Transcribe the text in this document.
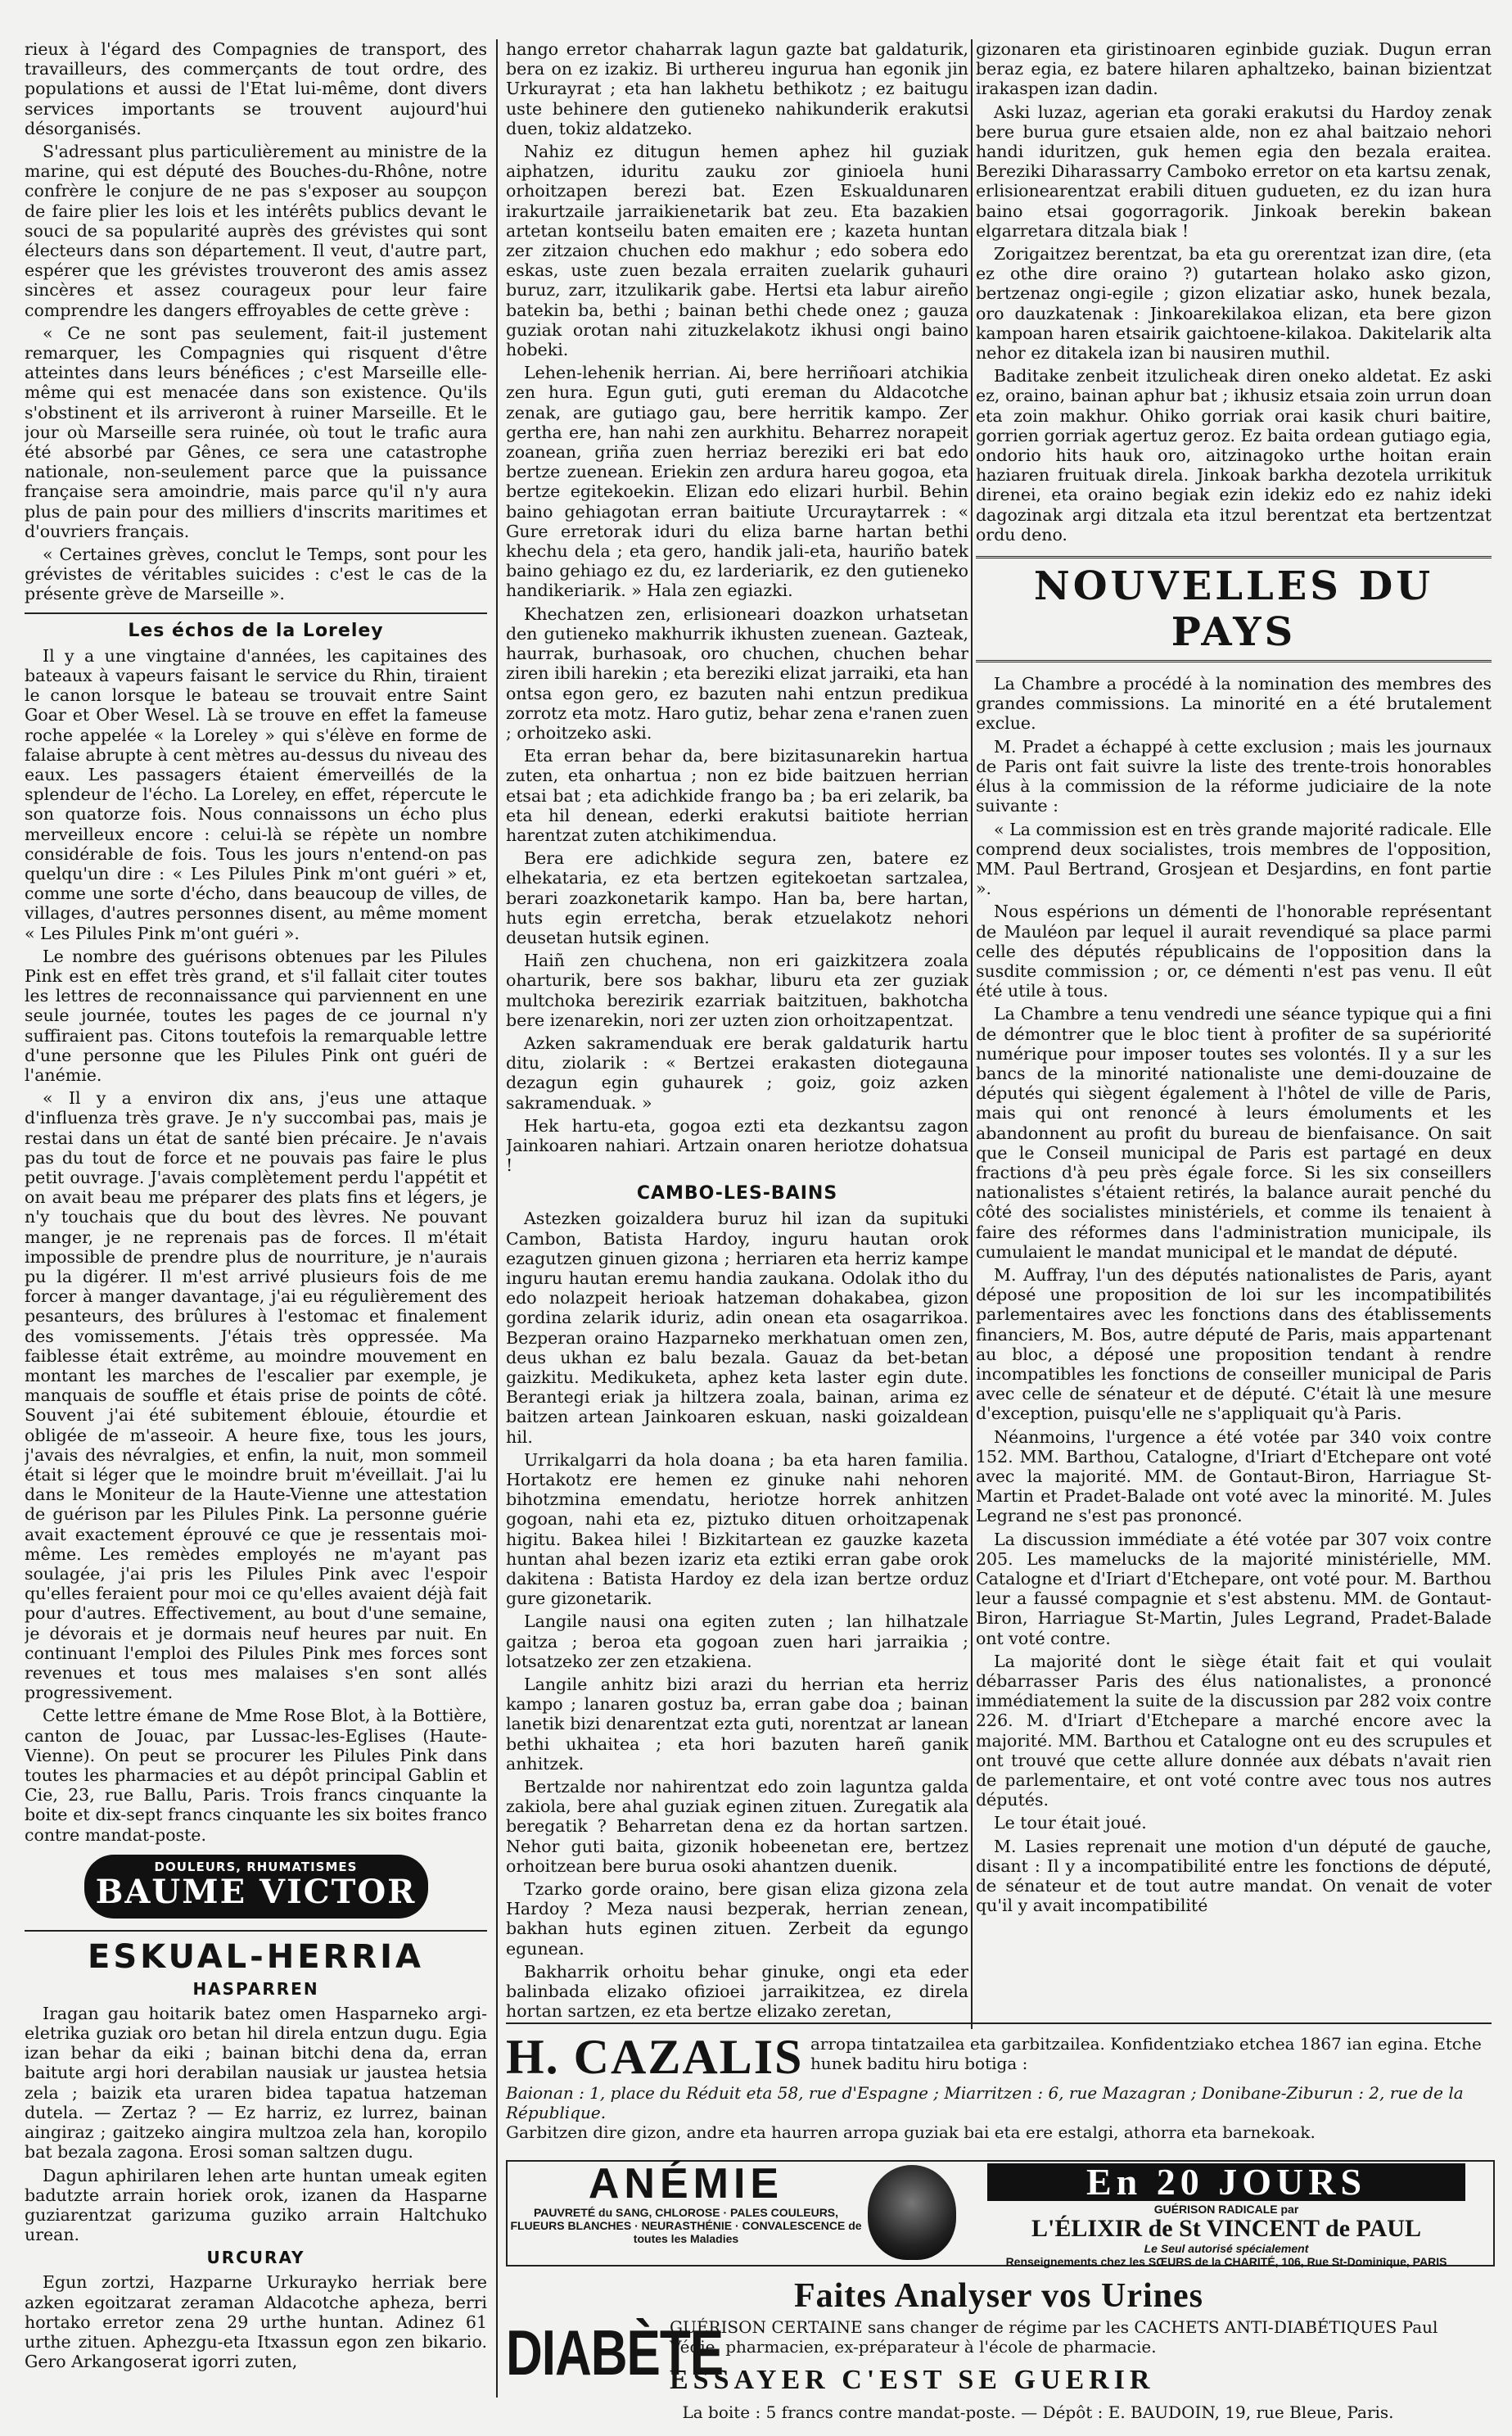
rieux à l'égard des Compagnies de transport, des travailleurs, des commerçants de tout ordre, des populations et aussi de l'Etat lui-même, dont divers services importants se trouvent aujourd'hui désorganisés.

S'adressant plus particulièrement au ministre de la marine, qui est député des Bouches-du-Rhône, notre confrère le conjure de ne pas s'exposer au soupçon de faire plier les lois et les intérêts publics devant le souci de sa popularité auprès des grévistes qui sont électeurs dans son département. Il veut, d'autre part, espérer que les grévistes trouveront des amis assez sincères et assez courageux pour leur faire comprendre les dangers effroyables de cette grève :

« Ce ne sont pas seulement, fait-il justement remarquer, les Compagnies qui risquent d'être atteintes dans leurs bénéfices ; c'est Marseille elle-même qui est menacée dans son existence. Qu'ils s'obstinent et ils arriveront à ruiner Marseille. Et le jour où Marseille sera ruinée, où tout le trafic aura été absorbé par Gênes, ce sera une catastrophe nationale, non-seulement parce que la puissance française sera amoindrie, mais parce qu'il n'y aura plus de pain pour des milliers d'inscrits maritimes et d'ouvriers français.

« Certaines grèves, conclut le Temps, sont pour les grévistes de véritables suicides : c'est le cas de la présente grève de Marseille ».

Les échos de la Loreley

Il y a une vingtaine d'années, les capitaines des bateaux à vapeurs faisant le service du Rhin, tiraient le canon lorsque le bateau se trouvait entre Saint Goar et Ober Wesel. Là se trouve en effet la fameuse roche appelée « la Loreley » qui s'élève en forme de falaise abrupte à cent mètres au-dessus du niveau des eaux. Les passagers étaient émerveillés de la splendeur de l'écho. La Loreley, en effet, répercute le son quatorze fois. Nous connaissons un écho plus merveilleux encore : celui-là se répète un nombre considérable de fois. Tous les jours n'entend-on pas quelqu'un dire : « Les Pilules Pink m'ont guéri » et, comme une sorte d'écho, dans beaucoup de villes, de villages, d'autres personnes disent, au même moment « Les Pilules Pink m'ont guéri ».

Le nombre des guérisons obtenues par les Pilules Pink est en effet très grand, et s'il fallait citer toutes les lettres de reconnaissance qui parviennent en une seule journée, toutes les pages de ce journal n'y suffiraient pas. Citons toutefois la remarquable lettre d'une personne que les Pilules Pink ont guéri de l'anémie.

« Il y a environ dix ans, j'eus une attaque d'influenza très grave. Je n'y succombai pas, mais je restai dans un état de santé bien précaire. Je n'avais pas du tout de force et ne pouvais pas faire le plus petit ouvrage. J'avais complètement perdu l'appétit et on avait beau me préparer des plats fins et légers, je n'y touchais que du bout des lèvres. Ne pouvant manger, je ne reprenais pas de forces. Il m'était impossible de prendre plus de nourriture, je n'aurais pu la digérer. Il m'est arrivé plusieurs fois de me forcer à manger davantage, j'ai eu régulièrement des pesanteurs, des brûlures à l'estomac et finalement des vomissements. J'étais très oppressée. Ma faiblesse était extrême, au moindre mouvement en montant les marches de l'escalier par exemple, je manquais de souffle et étais prise de points de côté. Souvent j'ai été subitement éblouie, étourdie et obligée de m'asseoir. A heure fixe, tous les jours, j'avais des névralgies, et enfin, la nuit, mon sommeil était si léger que le moindre bruit m'éveillait. J'ai lu dans le Moniteur de la Haute-Vienne une attestation de guérison par les Pilules Pink. La personne guérie avait exactement éprouvé ce que je ressentais moi-même. Les remèdes employés ne m'ayant pas soulagée, j'ai pris les Pilules Pink avec l'espoir qu'elles feraient pour moi ce qu'elles avaient déjà fait pour d'autres. Effectivement, au bout d'une semaine, je dévorais et je dormais neuf heures par nuit. En continuant l'emploi des Pilules Pink mes forces sont revenues et tous mes malaises s'en sont allés progressivement.

Cette lettre émane de Mme Rose Blot, à la Bottière, canton de Jouac, par Lussac-les-Eglises (Haute-Vienne). On peut se procurer les Pilules Pink dans toutes les pharmacies et au dépôt principal Gablin et Cie, 23, rue Ballu, Paris. Trois francs cinquante la boite et dix-sept francs cinquante les six boites franco contre mandat-poste.

DOULEURS, RHUMATISMES
BAUME VICTOR
ESKUAL-HERRIA
HASPARREN

Iragan gau hoitarik batez omen Hasparneko argi-eletrika guziak oro betan hil direla entzun dugu. Egia izan behar da eiki ; bainan bitchi dena da, erran baitute argi hori derabilan nausiak ur jaustea hetsia zela ; baizik eta uraren bidea tapatua hatzeman dutela. — Zertaz ? — Ez harriz, ez lurrez, bainan aingiraz ; gaitzeko aingira multzoa zela han, koropilo bat bezala zagona. Erosi soman saltzen dugu.

Dagun aphirilaren lehen arte huntan umeak egiten badutzte arrain horiek orok, izanen da Hasparne guziarentzat garizuma guziko arrain Haltchuko urean.

URCURAY

Egun zortzi, Hazparne Urkurayko herriak bere azken egoitzarat zeraman Aldacotche apheza, berri hortako erretor zena 29 urthe huntan. Adinez 61 urthe zituen. Aphezgu-eta Itxassun egon zen bikario. Gero Arkangoserat igorri zuten,

hango erretor chaharrak lagun gazte bat galdaturik, bera on ez izakiz. Bi urthereu ingurua han egonik jin Urkurayrat ; eta han lakhetu bethikotz ; ez baitugu uste behinere den gutieneko nahikunderik erakutsi duen, tokiz aldatzeko.

Nahiz ez ditugun hemen aphez hil guziak aiphatzen, iduritu zauku zor ginioela huni orhoitzapen berezi bat. Ezen Eskualdunaren irakurtzaile jarraikienetarik bat zeu. Eta bazakien artetan kontseilu baten emaiten ere ; kazeta huntan zer zitzaion chuchen edo makhur ; edo sobera edo eskas, uste zuen bezala erraiten zuelarik guhauri buruz, zarr, itzulikarik gabe. Hertsi eta labur aireño batekin ba, bethi ; bainan bethi chede onez ; gauza guziak orotan nahi zituzkelakotz ikhusi ongi baino hobeki.

Lehen-lehenik herrian. Ai, bere herriñoari atchikia zen hura. Egun guti, guti ereman du Aldacotche zenak, are gutiago gau, bere herritik kampo. Zer gertha ere, han nahi zen aurkhitu. Beharrez norapeit zoanean, griña zuen herriaz bereziki eri bat edo bertze zuenean. Eriekin zen ardura hareu gogoa, eta bertze egitekoekin. Elizan edo elizari hurbil. Behin baino gehiagotan erran baitiute Urcuraytarrek : « Gure erretorak iduri du eliza barne hartan bethi khechu dela ; eta gero, handik jali-eta, hauriño batek baino gehiago ez du, ez larderiarik, ez den gutieneko handikeriarik. » Hala zen egiazki.

Khechatzen zen, erlisioneari doazkon urhatsetan den gutieneko makhurrik ikhusten zuenean. Gazteak, haurrak, burhasoak, oro chuchen, chuchen behar ziren ibili harekin ; eta bereziki elizat jarraiki, eta han ontsa egon gero, ez bazuten nahi entzun predikua zorrotz eta motz. Haro gutiz, behar zena e'ranen zuen ; orhoitzeko aski.

Eta erran behar da, bere bizitasunarekin hartua zuten, eta onhartua ; non ez bide baitzuen herrian etsai bat ; eta adichkide frango ba ; ba eri zelarik, ba eta hil denean, ederki erakutsi baitiote herrian harentzat zuten atchikimendua.

Bera ere adichkide segura zen, batere ez elhekataria, ez eta bertzen egitekoetan sartzalea, berari zoazkonetarik kampo. Han ba, bere hartan, huts egin erretcha, berak etzuelakotz nehori deusetan hutsik eginen.

Haiñ zen chuchena, non eri gaizkitzera zoala oharturik, bere sos bakhar, liburu eta zer guziak multchoka berezirik ezarriak baitzituen, bakhotcha bere izenarekin, nori zer uzten zion orhoitzapentzat.

Azken sakramenduak ere berak galdaturik hartu ditu, ziolarik : « Bertzei erakasten diotegauna dezagun egin guhaurek ; goiz, goiz azken sakramenduak. »

Hek hartu-eta, gogoa ezti eta dezkantsu zagon Jainkoaren nahiari. Artzain onaren heriotze dohatsua !

CAMBO-LES-BAINS

Astezken goizaldera buruz hil izan da supituki Cambon, Batista Hardoy, inguru hautan orok ezagutzen ginuen gizona ; herriaren eta herriz kampe inguru hautan eremu handia zaukana. Odolak itho du edo nolazpeit herioak hatzeman dohakabea, gizon gordina zelarik iduriz, adin onean eta osagarrikoa. Bezperan oraino Hazparneko merkhatuan omen zen, deus ukhan ez balu bezala. Gauaz da bet-betan gaizkitu. Medikuketa, aphez keta laster egin dute. Berantegi eriak ja hiltzera zoala, bainan, arima ez baitzen artean Jainkoaren eskuan, naski goizaldean hil.

Urrikalgarri da hola doana ; ba eta haren familia. Hortakotz ere hemen ez ginuke nahi nehoren bihotzmina emendatu, heriotze horrek anhitzen gogoan, nahi eta ez, piztuko dituen orhoitzapenak higitu. Bakea hilei ! Bizkitartean ez gauzke kazeta huntan ahal bezen izariz eta eztiki erran gabe orok dakitena : Batista Hardoy ez dela izan bertze orduz gure gizonetarik.

Langile nausi ona egiten zuten ; lan hilhatzale gaitza ; beroa eta gogoan zuen hari jarraikia ; lotsatzeko zer zen etzakiena.

Langile anhitz bizi arazi du herrian eta herriz kampo ; lanaren gostuz ba, erran gabe doa ; bainan lanetik bizi denarentzat ezta guti, norentzat ar lanean bethi ukhaitea ; eta hori bazuten hareñ ganik anhitzek.

Bertzalde nor nahirentzat edo zoin laguntza galda zakiola, bere ahal guziak eginen zituen. Zuregatik ala beregatik ? Beharretan dena ez da hortan sartzen. Nehor guti baita, gizonik hobeenetan ere, bertzez orhoitzean bere burua osoki ahantzen duenik.

Tzarko gorde oraino, bere gisan eliza gizona zela Hardoy ? Meza nausi bezperak, herrian zenean, bakhan huts eginen zituen. Zerbeit da egungo egunean.

Bakharrik orhoitu behar ginuke, ongi eta eder balinbada elizako ofizioei jarraikitzea, ez direla hortan sartzen, ez eta bertze elizako zeretan,

gizonaren eta giristinoaren eginbide guziak. Dugun erran beraz egia, ez batere hilaren aphaltzeko, bainan bizientzat irakaspen izan dadin.

Aski luzaz, agerian eta goraki erakutsi du Hardoy zenak bere burua gure etsaien alde, non ez ahal baitzaio nehori handi iduritzen, guk hemen egia den bezala eraitea. Bereziki Diharassarry Camboko erretor on eta kartsu zenak, erlisionearentzat erabili dituen gudueten, ez du izan hura baino etsai gogorragorik. Jinkoak berekin bakean elgarretara ditzala biak !

Zorigaitzez berentzat, ba eta gu orerentzat izan dire, (eta ez othe dire oraino ?) gutartean holako asko gizon, bertzenaz ongi-egile ; gizon elizatiar asko, hunek bezala, oro dauzkatenak : Jinkoarekilakoa elizan, eta bere gizon kampoan haren etsairik gaichtoene-kilakoa. Dakitelarik alta nehor ez ditakela izan bi nausiren muthil.

Baditake zenbeit itzulicheak diren oneko aldetat. Ez aski ez, oraino, bainan aphur bat ; ikhusiz etsaia zoin urrun doan eta zoin makhur. Ohiko gorriak orai kasik churi baitire, gorrien gorriak agertuz geroz. Ez baita ordean gutiago egia, ondorio hits hauk oro, aitzinagoko urthe hoitan erain haziaren fruituak direla. Jinkoak barkha dezotela urrikituk direnei, eta oraino begiak ezin idekiz edo ez nahiz ideki dagozinak argi ditzala eta itzul berentzat eta bertzentzat ordu deno.

NOUVELLES DU PAYS

La Chambre a procédé à la nomination des membres des grandes commissions. La minorité en a été brutalement exclue.

M. Pradet a échappé à cette exclusion ; mais les journaux de Paris ont fait suivre la liste des trente-trois honorables élus à la commission de la réforme judiciaire de la note suivante :

« La commission est en très grande majorité radicale. Elle comprend deux socialistes, trois membres de l'opposition, MM. Paul Bertrand, Grosjean et Desjardins, en font partie ».

Nous espérions un démenti de l'honorable représentant de Mauléon par lequel il aurait revendiqué sa place parmi celle des députés républicains de l'opposition dans la susdite commission ; or, ce démenti n'est pas venu. Il eût été utile à tous.

La Chambre a tenu vendredi une séance typique qui a fini de démontrer que le bloc tient à profiter de sa supériorité numérique pour imposer toutes ses volontés. Il y a sur les bancs de la minorité nationaliste une demi-douzaine de députés qui siègent également à l'hôtel de ville de Paris, mais qui ont renoncé à leurs émoluments et les abandonnent au profit du bureau de bienfaisance. On sait que le Conseil municipal de Paris est partagé en deux fractions d'à peu près égale force. Si les six conseillers nationalistes s'étaient retirés, la balance aurait penché du côté des socialistes ministériels, et comme ils tenaient à faire des réformes dans l'administration municipale, ils cumulaient le mandat municipal et le mandat de député.

M. Auffray, l'un des députés nationalistes de Paris, ayant déposé une proposition de loi sur les incompatibilités parlementaires avec les fonctions dans des établissements financiers, M. Bos, autre député de Paris, mais appartenant au bloc, a déposé une proposition tendant à rendre incompatibles les fonctions de conseiller municipal de Paris avec celle de sénateur et de député. C'était là une mesure d'exception, puisqu'elle ne s'appliquait qu'à Paris.

Néanmoins, l'urgence a été votée par 340 voix contre 152. MM. Barthou, Catalogne, d'Iriart d'Etchepare ont voté avec la majorité. MM. de Gontaut-Biron, Harriague St-Martin et Pradet-Balade ont voté avec la minorité. M. Jules Legrand ne s'est pas prononcé.

La discussion immédiate a été votée par 307 voix contre 205. Les mamelucks de la majorité ministérielle, MM. Catalogne et d'Iriart d'Etchepare, ont voté pour. M. Barthou leur a faussé compagnie et s'est abstenu. MM. de Gontaut-Biron, Harriague St-Martin, Jules Legrand, Pradet-Balade ont voté contre.

La majorité dont le siège était fait et qui voulait débarrasser Paris des élus nationalistes, a prononcé immédiatement la suite de la discussion par 282 voix contre 226. M. d'Iriart d'Etchepare a marché encore avec la majorité. MM. Barthou et Catalogne ont eu des scrupules et ont trouvé que cette allure donnée aux débats n'avait rien de parlementaire, et ont voté contre avec tous nos autres députés.

Le tour était joué.

M. Lasies reprenait une motion d'un député de gauche, disant : Il y a incompatibilité entre les fonctions de député, de sénateur et de tout autre mandat. On venait de voter qu'il y avait incompatibilité

H. CAZALIS arropa tintatzailea eta garbitzailea. Konfidentziako etchea 1867 ian egina. Etche hunek baditu hiru botiga :
Baionan : 1, place du Réduit eta 58, rue d'Espagne ; Miarritzen : 6, rue Mazagran ; Donibane-Ziburun : 2, rue de la République.
Garbitzen dire gizon, andre eta haurren arropa guziak bai eta ere estalgi, athorra eta barnekoak.
ANÉMIE
PAUVRETÉ du SANG, CHLOROSE · PALES COULEURS, FLUEURS BLANCHES · NEURASTHÉNIE · CONVALESCENCE de toutes les Maladies
En 20 JOURS
GUÉRISON RADICALE par
L'ÉLIXIR de St VINCENT de PAUL
Le Seul autorisé spécialement
Renseignements chez les SŒURS de la CHARITÉ, 106, Rue St-Dominique, PARIS
Faites Analyser vos Urines
DIABÈTE
GUÉRISON CERTAINE sans changer de régime par les CACHETS ANTI-DIABÉTIQUES Paul Védie, pharmacien, ex-préparateur à l'école de pharmacie.
ESSAYER C'EST SE GUERIR
La boite : 5 francs contre mandat-poste. — Dépôt : E. BAUDOIN, 19, rue Bleue, Paris.
